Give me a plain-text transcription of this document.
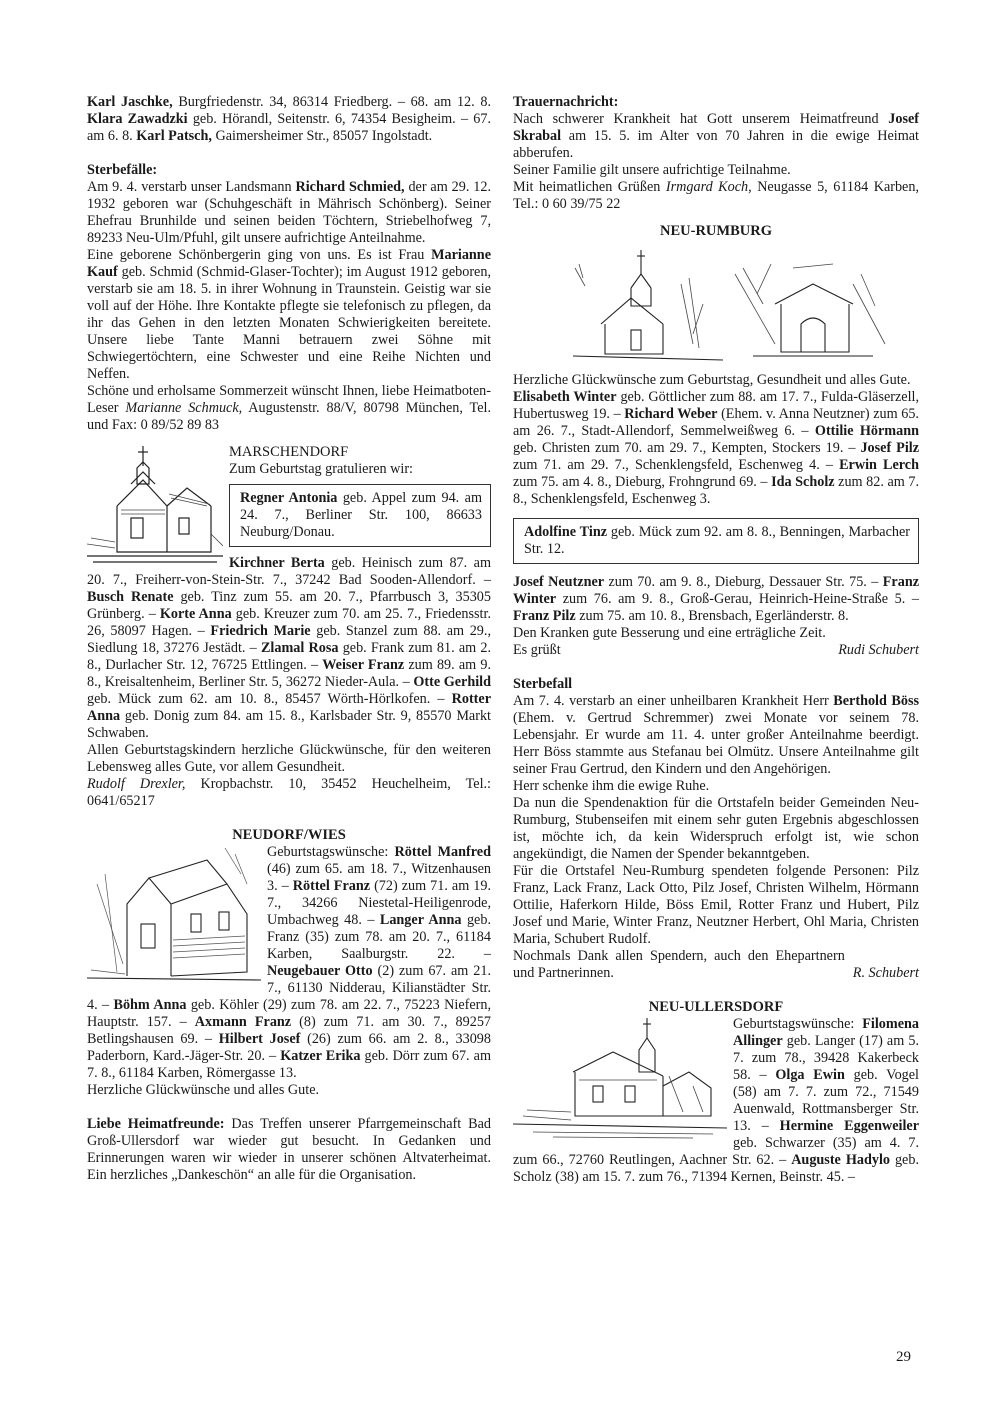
Karl Jaschke, Burgfriedenstr. 34, 86314 Friedberg. – 68. am 12. 8. Klara Zawadzki geb. Hörandl, Seitenstr. 6, 74354 Besigheim. – 67. am 6. 8. Karl Patsch, Gaimersheimer Str., 85057 Ingolstadt.

Sterbefälle:

Am 9. 4. verstarb unser Landsmann Richard Schmied, der am 29. 12. 1932 geboren war (Schuhgeschäft in Mährisch Schönberg). Seiner Ehefrau Brunhilde und seinen beiden Töchtern, Striebelhofweg 7, 89233 Neu-Ulm/Pfuhl, gilt unsere aufrichtige Anteilnahme.

Eine geborene Schönbergerin ging von uns. Es ist Frau Marianne Kauf geb. Schmid (Schmid-Glaser-Tochter); im August 1912 geboren, verstarb sie am 18. 5. in ihrer Wohnung in Traunstein. Geistig war sie voll auf der Höhe. Ihre Kontakte pflegte sie telefonisch zu pflegen, da ihr das Gehen in den letzten Monaten Schwierigkeiten bereitete. Unsere liebe Tante Manni betrauern zwei Söhne mit Schwiegertöchtern, eine Schwester und eine Reihe Nichten und Neffen.

Schöne und erholsame Sommerzeit wünscht Ihnen, liebe Heimatboten-Leser Marianne Schmuck, Augustenstr. 88/V, 80798 München, Tel. und Fax: 0 89/52 89 83

MARSCHENDORF

Zum Geburtstag gratulieren wir:

Regner Antonia geb. Appel zum 94. am 24. 7., Berliner Str. 100, 86633 Neuburg/Donau.

Kirchner Berta geb. Heinisch zum 87. am 20. 7., Freiherr-von-Stein-Str. 7., 37242 Bad Sooden-Allendorf. – Busch Renate geb. Tinz zum 55. am 20. 7., Pfarrbusch 3, 35305 Grünberg. – Korte Anna geb. Kreuzer zum 70. am 25. 7., Friedensstr. 26, 58097 Hagen. – Friedrich Marie geb. Stanzel zum 88. am 29., Siedlung 18, 37276 Jestädt. – Zlamal Rosa geb. Frank zum 81. am 2. 8., Durlacher Str. 12, 76725 Ettlingen. – Weiser Franz zum 89. am 9. 8., Kreisaltenheim, Berliner Str. 5, 36272 Nieder-Aula. – Otte Gerhild geb. Mück zum 62. am 10. 8., 85457 Wörth-Hörlkofen. – Rotter Anna geb. Donig zum 84. am 15. 8., Karlsbader Str. 9, 85570 Markt Schwaben.

Allen Geburtstagskindern herzliche Glückwünsche, für den weiteren Lebensweg alles Gute, vor allem Gesundheit.

Rudolf Drexler, Kropbachstr. 10, 35452 Heuchelheim, Tel.: 0641/65217

NEUDORF/WIES

Geburtstagswünsche: Röttel Manfred (46) zum 65. am 18. 7., Witzenhausen 3. – Röttel Franz (72) zum 71. am 19. 7., 34266 Niestetal-Heiligenrode, Umbachweg 48. – Langer Anna geb. Franz (35) zum 78. am 20. 7., 61184 Karben, Saalburgstr. 22. – Neugebauer Otto (2) zum 67. am 21. 7., 61130 Nidderau, Kilianstädter Str. 4. – Böhm Anna geb. Köhler (29) zum 78. am 22. 7., 75223 Niefern, Hauptstr. 157. – Axmann Franz (8) zum 71. am 30. 7., 89257 Betlingshausen 69. – Hilbert Josef (26) zum 66. am 2. 8., 33098 Paderborn, Kard.-Jäger-Str. 20. – Katzer Erika geb. Dörr zum 67. am 7. 8., 61184 Karben, Römergasse 13.

Herzliche Glückwünsche und alles Gute.

Liebe Heimatfreunde: Das Treffen unserer Pfarrgemeinschaft Bad Groß-Ullersdorf war wieder gut besucht. In Gedanken und Erinnerungen waren wir wieder in unserer schönen Altvaterheimat. Ein herzliches „Dankeschön“ an alle für die Organisation.

Trauernachricht:

Nach schwerer Krankheit hat Gott unserem Heimatfreund Josef Skrabal am 15. 5. im Alter von 70 Jahren in die ewige Heimat abberufen.

Seiner Familie gilt unsere aufrichtige Teilnahme.

Mit heimatlichen Grüßen Irmgard Koch, Neugasse 5, 61184 Karben, Tel.: 0 60 39/75 22

NEU-RUMBURG

Herzliche Glückwünsche zum Geburtstag, Gesundheit und alles Gute.

Elisabeth Winter geb. Göttlicher zum 88. am 17. 7., Fulda-Gläserzell, Hubertusweg 19. – Richard Weber (Ehem. v. Anna Neutzner) zum 65. am 26. 7., Stadt-Allendorf, Semmelweißweg 6. – Ottilie Hörmann geb. Christen zum 70. am 29. 7., Kempten, Stockers 19. – Josef Pilz zum 71. am 29. 7., Schenklengsfeld, Eschenweg 4. – Erwin Lerch zum 75. am 4. 8., Dieburg, Frohngrund 69. – Ida Scholz zum 82. am 7. 8., Schenklengsfeld, Eschenweg 3.

Adolfine Tinz geb. Mück zum 92. am 8. 8., Benningen, Marbacher Str. 12.

Josef Neutzner zum 70. am 9. 8., Dieburg, Dessauer Str. 75. – Franz Winter zum 76. am 9. 8., Groß-Gerau, Heinrich-Heine-Straße 5. – Franz Pilz zum 75. am 10. 8., Brensbach, Egerländerstr. 8.

Den Kranken gute Besserung und eine erträgliche Zeit.

Es grüßt	Rudi Schubert

Sterbefall

Am 7. 4. verstarb an einer unheilbaren Krankheit Herr Berthold Böss (Ehem. v. Gertrud Schremmer) zwei Monate vor seinem 78. Lebensjahr. Er wurde am 11. 4. unter großer Anteilnahme beerdigt. Herr Böss stammte aus Stefanau bei Olmütz. Unsere Anteilnahme gilt seiner Frau Gertrud, den Kindern und den Angehörigen.

Herr schenke ihm die ewige Ruhe.

Da nun die Spendenaktion für die Ortstafeln beider Gemeinden Neu-Rumburg, Stubenseifen mit einem sehr guten Ergebnis abgeschlossen ist, möchte ich, da kein Widerspruch erfolgt ist, wie schon angekündigt, die Namen der Spender bekanntgeben.

Für die Ortstafel Neu-Rumburg spendeten folgende Personen: Pilz Franz, Lack Franz, Lack Otto, Pilz Josef, Christen Wilhelm, Hörmann Ottilie, Haferkorn Hilde, Böss Emil, Rotter Franz und Hubert, Pilz Josef und Marie, Winter Franz, Neutzner Herbert, Ohl Maria, Christen Maria, Schubert Rudolf.

Nochmals Dank allen Spendern, auch den Ehepartnern und Partnerinnen.	R. Schubert

NEU-ULLERSDORF

Geburtstagswünsche: Filomena Allinger geb. Langer (17) am 5. 7. zum 78., 39428 Kakerbeck 58. – Olga Ewin geb. Vogel (58) am 7. 7. zum 72., 71549 Auenwald, Rottmansberger Str. 13. – Hermine Eggenweiler geb. Schwarzer (35) am 4. 7. zum 66., 72760 Reutlingen, Aachner Str. 62. – Auguste Hadylo geb. Scholz (38) am 15. 7. zum 76., 71394 Kernen, Beinstr. 45. –

29
